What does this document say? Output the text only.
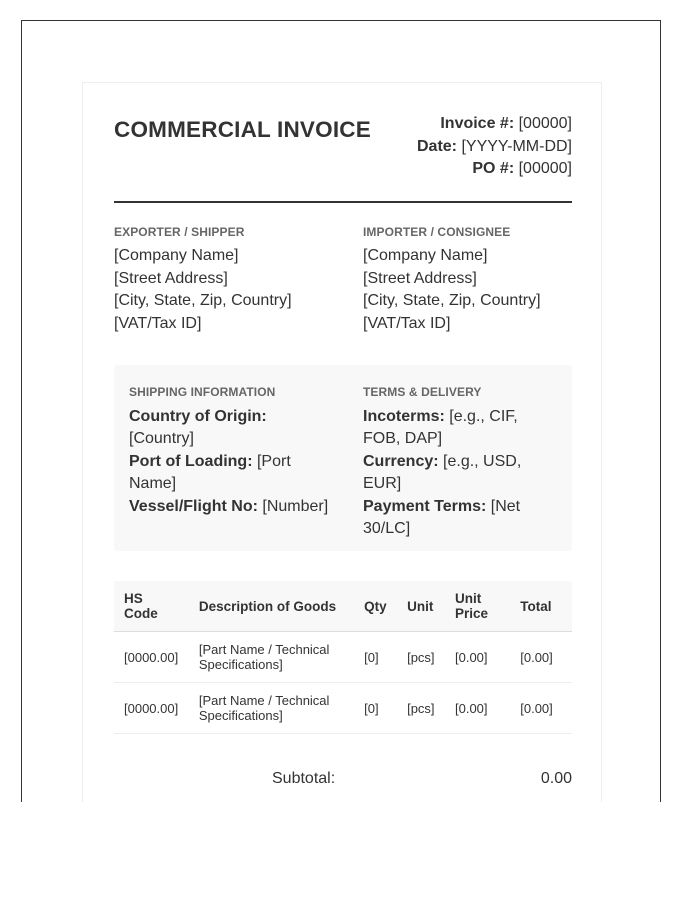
COMMERCIAL INVOICE	Invoice #: [00000]
Date: [YYYY-MM-DD]
PO #: [00000]
EXPORTER / SHIPPER
[Company Name]
[Street Address]
[City, State, Zip, Country]
[VAT/Tax ID]
IMPORTER / CONSIGNEE
[Company Name]
[Street Address]
[City, State, Zip, Country]
[VAT/Tax ID]
SHIPPING INFORMATION
Country of Origin: [Country]
Port of Loading: [Port Name]
Vessel/Flight No: [Number]
TERMS & DELIVERY
Incoterms: [e.g., CIF, FOB, DAP]
Currency: [e.g., USD, EUR]
Payment Terms: [Net 30/LC]
HS Code	Description of Goods	Qty	Unit	Unit Price	Total
[0000.00]	[Part Name / Technical Specifications]	[0]	[pcs]	[0.00]	[0.00]
[0000.00]	[Part Name / Technical Specifications]	[0]	[pcs]	[0.00]	[0.00]
Subtotal:	0.00
